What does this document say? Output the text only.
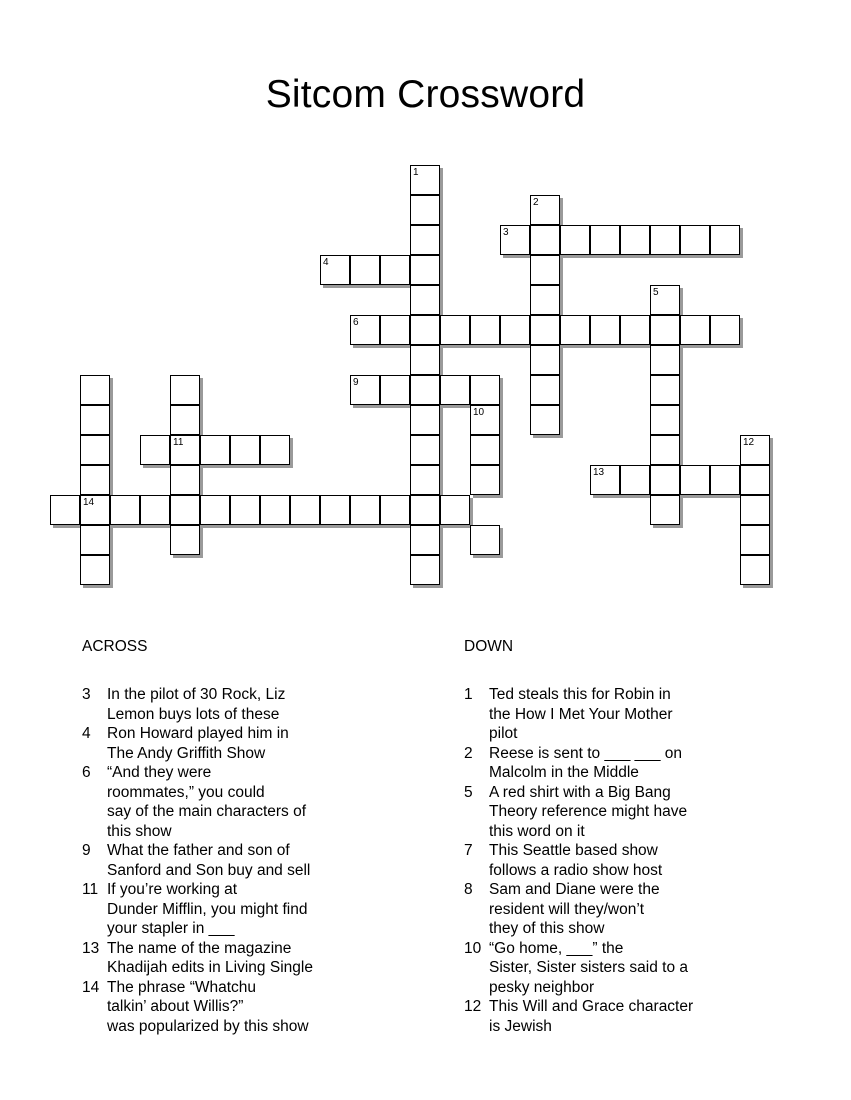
Sitcom Crossword
1
2
3
4
5
6
9
10
11	12
13
14
ACROSS
3 In the pilot of 30 Rock, Liz
Lemon buys lots of these
4 Ron Howard played him in
The Andy Griffith Show
6 “And they were
roommates,” you could
say of the main characters of
this show
9 What the father and son of
Sanford and Son buy and sell
11 If you’re working at
Dunder Mifflin, you might find
your stapler in ___
13 The name of the magazine
Khadijah edits in Living Single
14 The phrase “Whatchu
talkin’ about Willis?”
was popularized by this show
DOWN
1 Ted steals this for Robin in
the How I Met Your Mother
pilot
2 Reese is sent to ___ ___ on
Malcolm in the Middle
5 A red shirt with a Big Bang
Theory reference might have
this word on it
7 This Seattle based show
follows a radio show host
8 Sam and Diane were the
resident will they/won’t
they of this show
10 “Go home, ___” the
Sister, Sister sisters said to a
pesky neighbor
12 This Will and Grace character
is Jewish
